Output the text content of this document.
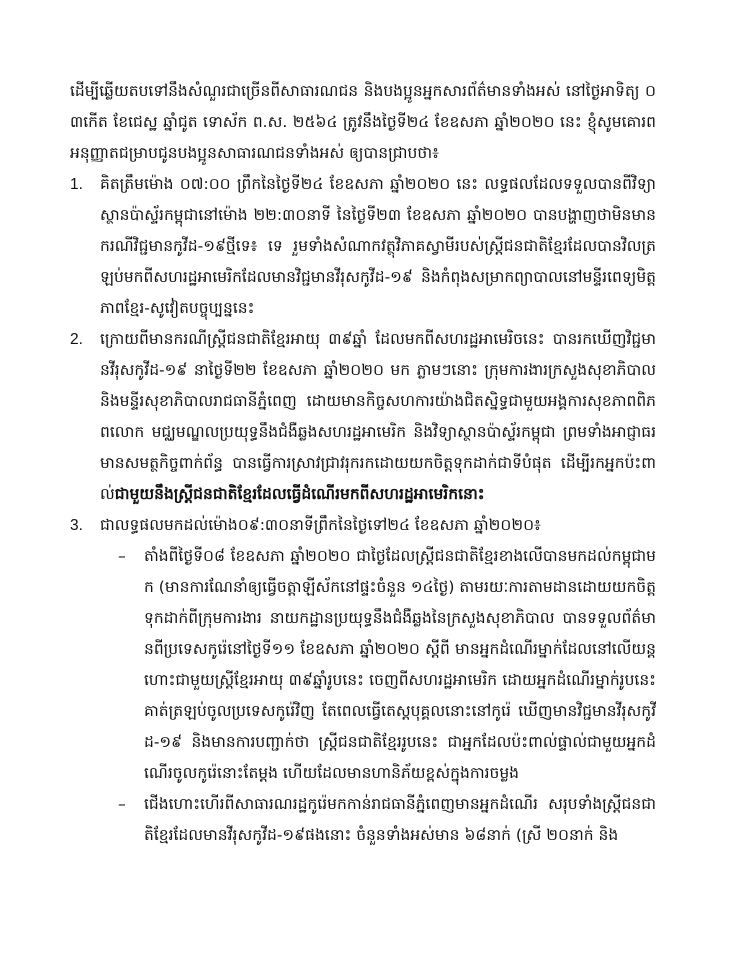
ដើម្បីឆ្លើយតបទៅនឹងសំណួរជាច្រើនពីសាធារណជន និងបងប្អូនអ្នកសារព័ត៌មានទាំងអស់ នៅថ្ងៃអាទិត្យ ០៣កើត ខែជេស្ឋ ឆ្នាំជូត ទោស័ក ព.ស. ២៥៦៤ ត្រូវនឹងថ្ងៃទី២៤ ខែឧសភា ឆ្នាំ២០២០ នេះ ខ្ញុំសូមគោរពអនុញ្ញាតជម្រាបជូនបងប្អូនសាធារណជនទាំងអស់ ឲ្យបានជ្រាបថា៖

1. គិតត្រឹមម៉ោង ០៧:០០ ព្រឹកនៃថ្ងៃទី២៤ ខែឧសភា ឆ្នាំ២០២០ នេះ លទ្ធផលដែលទទួលបានពីវិទ្យាស្ថានប៉ាស្ទ័រកម្ពុជានៅម៉ោង ២២:៣០នាទី នៃថ្ងៃទី២៣ ខែឧសភា ឆ្នាំ២០២០ បានបង្ហាញថាមិនមានករណីវិជ្ជមានកូវីដ-១៩ថ្មីទេ៖ ទេ រួមទាំងសំណាកវត្ថុវិភាគស្វាមីរបស់ស្ត្រីជនជាតិខ្មែរដែលបានវិលត្រឡប់មកពីសហរដ្ឋអាមេរិកដែលមានវិជ្ជមានវីរុសកូវីដ-១៩ និងកំពុងសម្រាកព្យាបាលនៅមន្ទីរពេទ្យមិត្តភាពខ្មែរ-សូវៀតបច្ចុប្បន្ននេះ

2. ក្រោយពីមានករណីស្ត្រីជនជាតិខ្មែរអាយុ ៣៩ឆ្នាំ ដែលមកពីសហរដ្ឋអាមេរិចនេះ បានរកឃើញវិជ្ជមានវីរុសកូវីដ-១៩ នាថ្ងៃទី២២ ខែឧសភា ឆ្នាំ២០២០ មក ភ្លាមៗនោះ ក្រុមការងារក្រសួងសុខាភិបាល និងមន្ទីរសុខាភិបាលរាជធានីភ្នំពេញ ដោយមានកិច្ចសហការយ៉ាងជិតស្និទ្ធជាមួយអង្គការសុខភាពពិភពលោក មជ្ឈមណ្ឌលប្រយុទ្ធនឹងជំងឺឆ្លងសហរដ្ឋអាមេរិក និងវិទ្យាស្ថានប៉ាស្ទ័រកម្ពុជា ព្រមទាំងអាជ្ញាធរមានសមត្ថកិច្ចពាក់ព័ន្ធ បានធ្វើការស្រាវជ្រាវរុករកដោយយកចិត្តទុកដាក់ជាទីបំផុត ដើម្បីរកអ្នកប៉ះពាល់ជាមួយនឹងស្ត្រីជនជាតិខ្មែរដែលធ្វើដំណើរមកពីសហរដ្ឋអាមេរិកនោះ

3. ជាលទ្ធផលមកដល់ម៉ោង០៩:៣០នាទីព្រឹកនៃថ្ងៃទៅ២៤ ខែឧសភា ឆ្នាំ២០២០៖

– តាំងពីថ្ងៃទី០៨ ខែឧសភា ឆ្នាំ២០២០ ជាថ្ងៃដែលស្ត្រីជនជាតិខ្មែរខាងលើបានមកដល់កម្ពុជាមក (មានការណែនាំឲ្យធ្វើចត្តាឡីស័កនៅផ្ទះចំនួន ១៤ថ្ងៃ) តាមរយៈការតាមដានដោយយកចិត្តទុកដាក់ពីក្រុមការងារ នាយកដ្ឋានប្រយុទ្ធនឹងជំងឺឆ្លងនៃក្រសួងសុខាភិបាល បានទទួលព័ត៌មានពីប្រទេសកូរ៉េនៅថ្ងៃទី១១ ខែឧសភា ឆ្នាំ២០២០ ស្តីពី មានអ្នកដំណើរម្នាក់ដែលនៅលើយន្តហោះជាមួយស្ត្រីខ្មែរអាយុ ៣៩ឆ្នាំរូបនេះ ចេញពីសហរដ្ឋអាមេរិក ដោយអ្នកដំណើរម្នាក់រូបនេះ គាត់ត្រឡប់ចូលប្រទេសកូរ៉េវិញ តែពេលធ្វើតេស្តបុគ្គលនោះនៅកូរ៉េ ឃើញមានវិជ្ជមានវីរុសកូវីដ-១៩ និងមានការបញ្ជាក់ថា ស្ត្រីជនជាតិខ្មែររូបនេះ ជាអ្នកដែលប៉ះពាល់ផ្ទាល់ជាមួយអ្នកដំណើរចូលកូរ៉េនោះតែម្តង ហើយដែលមានហានិភ័យខ្ពស់ក្នុងការចម្លង

– ជើងហោះហើរពីសាធារណរដ្ឋកូរ៉េមកកាន់រាជធានីភ្នំពេញមានអ្នកដំណើរ សរុបទាំងស្ត្រីជនជាតិខ្មែរដែលមានវីរុសកូវីដ-១៩ផងនោះ ចំនួនទាំងអស់មាន ៦៨នាក់ (ស្រី ២០នាក់ និង
